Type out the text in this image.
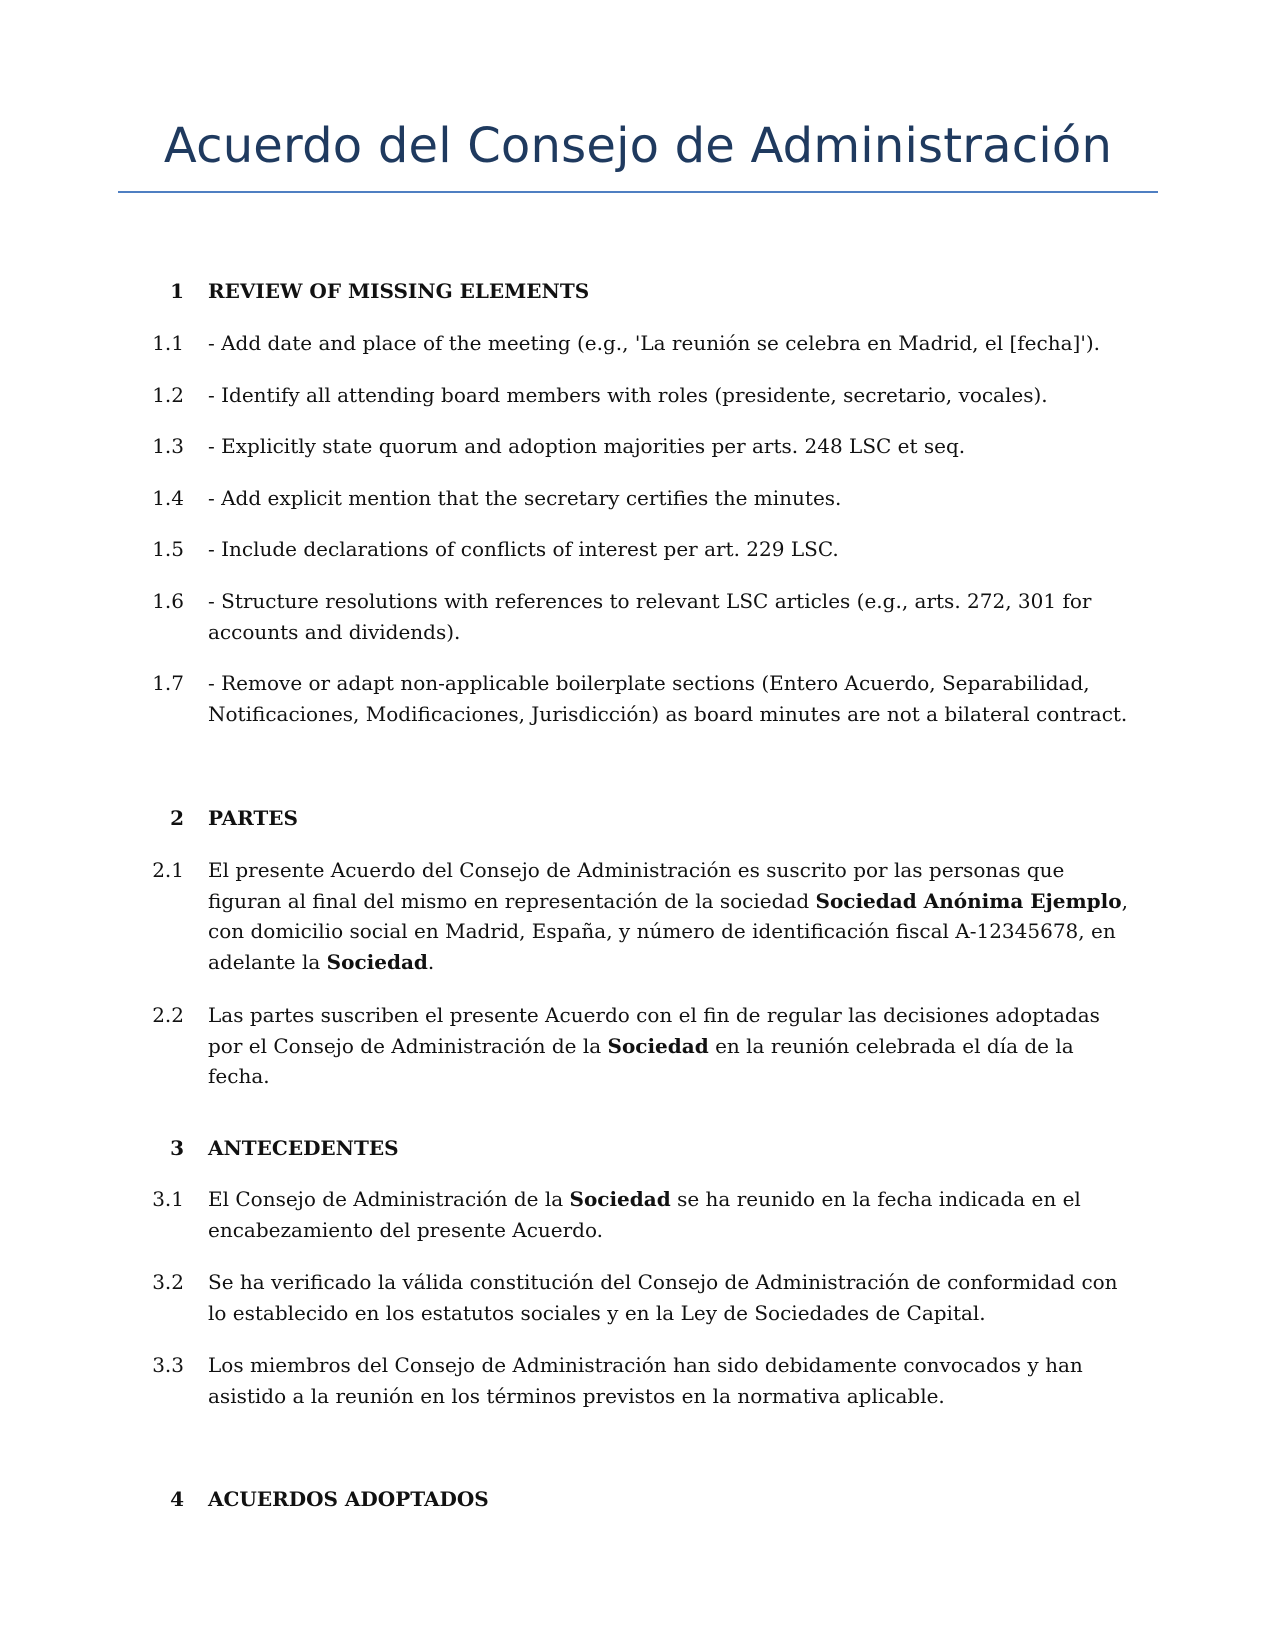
Acuerdo del Consejo de Administración
1 REVIEW OF MISSING ELEMENTS
1.1 - Add date and place of the meeting (e.g., 'La reunión se celebra en Madrid, el [fecha]').
1.2 - Identify all attending board members with roles (presidente, secretario, vocales).
1.3 - Explicitly state quorum and adoption majorities per arts. 248 LSC et seq.
1.4 - Add explicit mention that the secretary certifies the minutes.
1.5 - Include declarations of conflicts of interest per art. 229 LSC.
1.6 - Structure resolutions with references to relevant LSC articles (e.g., arts. 272, 301 for accounts and dividends).
1.7 - Remove or adapt non-applicable boilerplate sections (Entero Acuerdo, Separabilidad, Notificaciones, Modificaciones, Jurisdicción) as board minutes are not a bilateral contract.
2 PARTES
2.1 El presente Acuerdo del Consejo de Administración es suscrito por las personas que figuran al final del mismo en representación de la sociedad Sociedad Anónima Ejemplo, con domicilio social en Madrid, España, y número de identificación fiscal A-12345678, en adelante la Sociedad.
2.2 Las partes suscriben el presente Acuerdo con el fin de regular las decisiones adoptadas por el Consejo de Administración de la Sociedad en la reunión celebrada el día de la fecha.
3 ANTECEDENTES
3.1 El Consejo de Administración de la Sociedad se ha reunido en la fecha indicada en el encabezamiento del presente Acuerdo.
3.2 Se ha verificado la válida constitución del Consejo de Administración de conformidad con lo establecido en los estatutos sociales y en la Ley de Sociedades de Capital.
3.3 Los miembros del Consejo de Administración han sido debidamente convocados y han asistido a la reunión en los términos previstos en la normativa aplicable.
4 ACUERDOS ADOPTADOS
